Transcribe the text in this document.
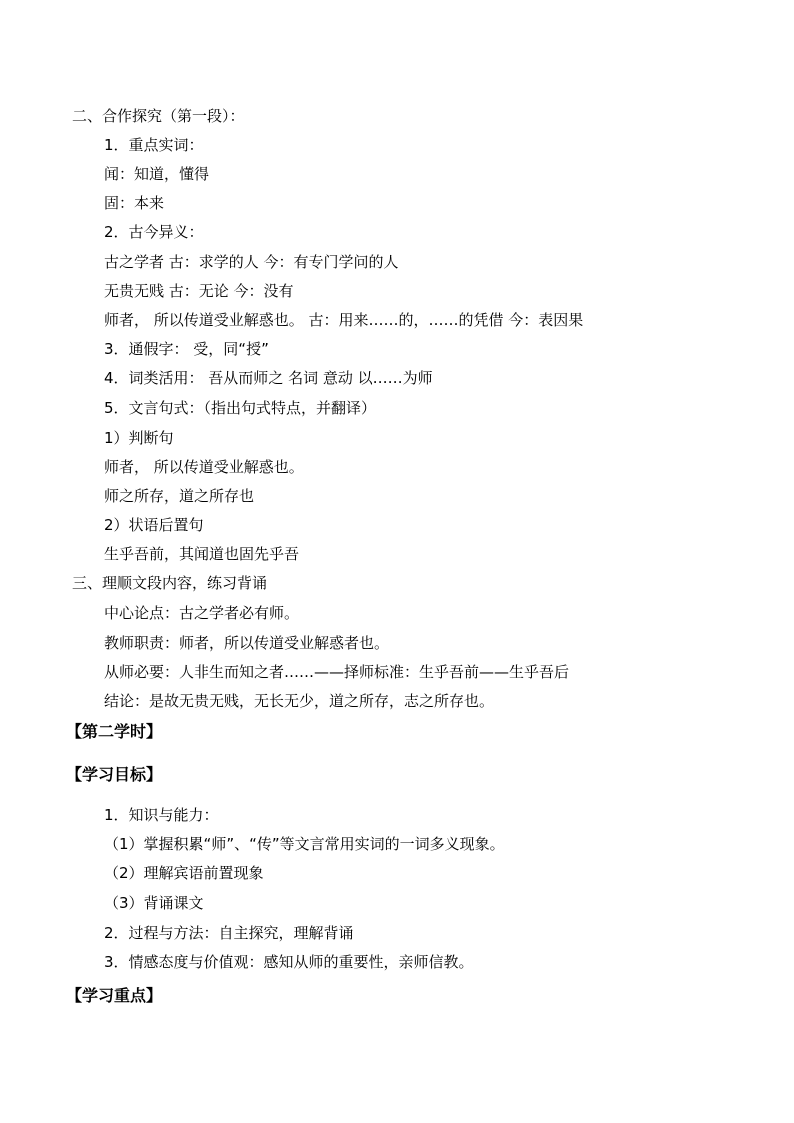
二、合作探究（第一段）：
1．重点实词：
闻：知道，懂得
固：本来
2．古今异义：
古之学者 古：求学的人 今：有专门学问的人
无贵无贱 古：无论 今：没有
师者， 所以传道受业解惑也。 古：用来……的，……的凭借 今：表因果
3．通假字： 受，同“授”
4．词类活用： 吾从而师之 名词 意动 以……为师
5．文言句式：（指出句式特点，并翻译）
1）判断句
师者， 所以传道受业解惑也。
师之所存，道之所存也
2）状语后置句
生乎吾前，其闻道也固先乎吾
三、理顺文段内容，练习背诵
中心论点：古之学者必有师。
教师职责：师者，所以传道受业解惑者也。
从师必要：人非生而知之者……——择师标准：生乎吾前——生乎吾后
结论：是故无贵无贱，无长无少，道之所存，志之所存也。
【第二学时】
【学习目标】
1．知识与能力：
（1）掌握积累“师”、“传”等文言常用实词的一词多义现象。
（2）理解宾语前置现象
（3）背诵课文
2．过程与方法：自主探究，理解背诵
3．情感态度与价值观：感知从师的重要性，亲师信教。
【学习重点】
